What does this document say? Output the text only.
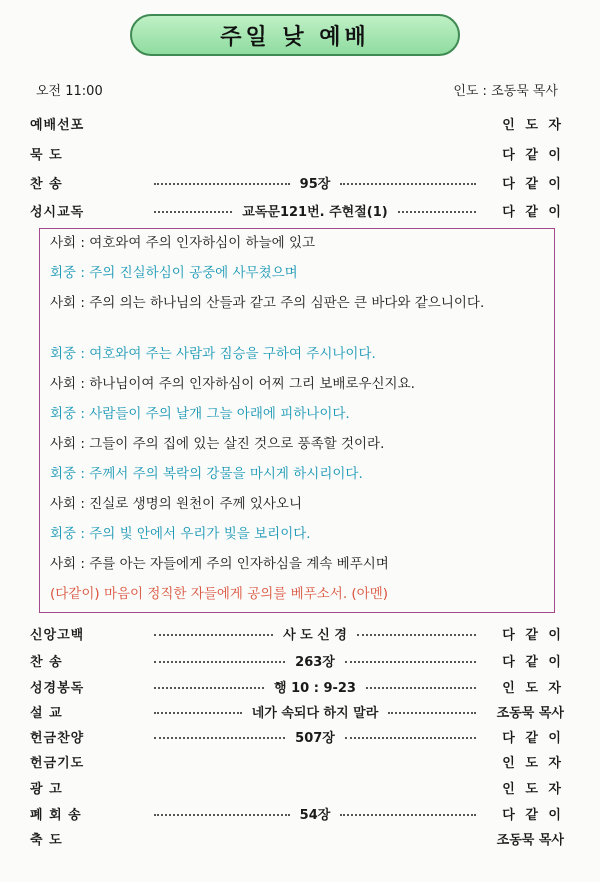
주일 낮 예배
오전 11:00	인도 : 조동묵 목사
예배선포	인 도 자
묵 도	다 같 이
찬 송	95장	다 같 이
성시교독	교독문121번. 주현절(1)	다 같 이
사회 : 여호와여 주의 인자하심이 하늘에 있고
회중 : 주의 진실하심이 공중에 사무쳤으며
사회 : 주의 의는 하나님의 산들과 같고 주의 심판은 큰 바다와 같으니이다.
회중 : 여호와여 주는 사람과 짐승을 구하여 주시나이다.
사회 : 하나님이여 주의 인자하심이 어찌 그리 보배로우신지요.
회중 : 사람들이 주의 날개 그늘 아래에 피하나이다.
사회 : 그들이 주의 집에 있는 살진 것으로 풍족할 것이라.
회중 : 주께서 주의 복락의 강물을 마시게 하시리이다.
사회 : 진실로 생명의 원천이 주께 있사오니
회중 : 주의 빛 안에서 우리가 빛을 보리이다.
사회 : 주를 아는 자들에게 주의 인자하심을 계속 베푸시며
(다같이) 마음이 정직한 자들에게 공의를 베푸소서. (아멘)
신앙고백	사 도 신 경	다 같 이
찬 송	263장	다 같 이
성경봉독	행 10 : 9-23	인 도 자
설 교	네가 속되다 하지 말라	조동묵 목사
헌금찬양	507장	다 같 이
헌금기도	인 도 자
광 고	인 도 자
폐 회 송	54장	다 같 이
축 도	조동묵 목사
